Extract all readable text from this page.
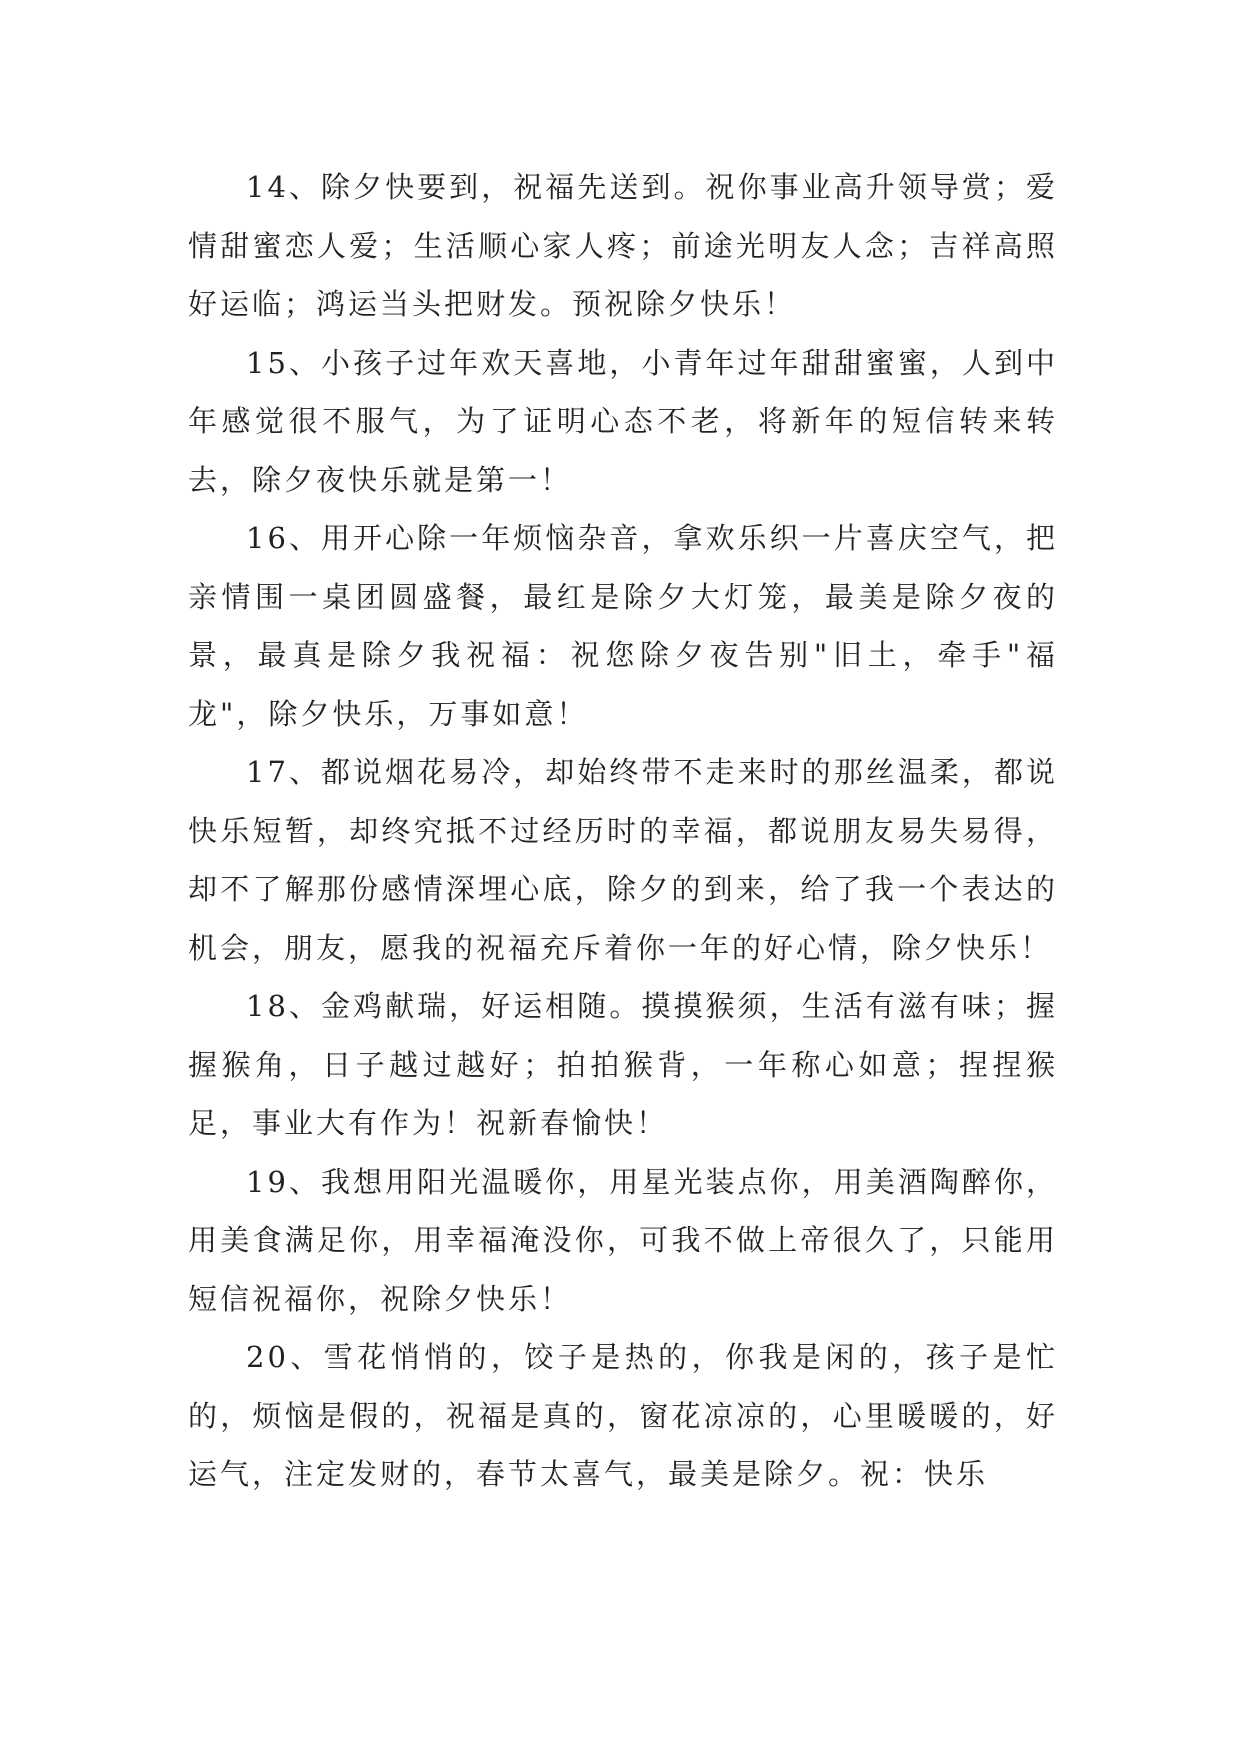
14、除夕快要到，祝福先送到。祝你事业高升领导赏；爱情甜蜜恋人爱；生活顺心家人疼；前途光明友人念；吉祥高照好运临；鸿运当头把财发。预祝除夕快乐！

15、小孩子过年欢天喜地，小青年过年甜甜蜜蜜，人到中年感觉很不服气，为了证明心态不老，将新年的短信转来转去，除夕夜快乐就是第一！

16、用开心除一年烦恼杂音，拿欢乐织一片喜庆空气，把亲情围一桌团圆盛餐，最红是除夕大灯笼，最美是除夕夜的景，最真是除夕我祝福：祝您除夕夜告别"旧土，牵手"福龙"，除夕快乐，万事如意！

17、都说烟花易冷，却始终带不走来时的那丝温柔，都说快乐短暂，却终究抵不过经历时的幸福，都说朋友易失易得，却不了解那份感情深埋心底，除夕的到来，给了我一个表达的机会，朋友，愿我的祝福充斥着你一年的好心情，除夕快乐！

18、金鸡献瑞，好运相随。摸摸猴须，生活有滋有味；握握猴角，日子越过越好；拍拍猴背，一年称心如意；捏捏猴足，事业大有作为！祝新春愉快！

19、我想用阳光温暖你，用星光装点你，用美酒陶醉你，用美食满足你，用幸福淹没你，可我不做上帝很久了，只能用短信祝福你，祝除夕快乐！

20、雪花悄悄的，饺子是热的，你我是闲的，孩子是忙的，烦恼是假的，祝福是真的，窗花凉凉的，心里暖暖的，好运气，注定发财的，春节太喜气，最美是除夕。祝：快乐
